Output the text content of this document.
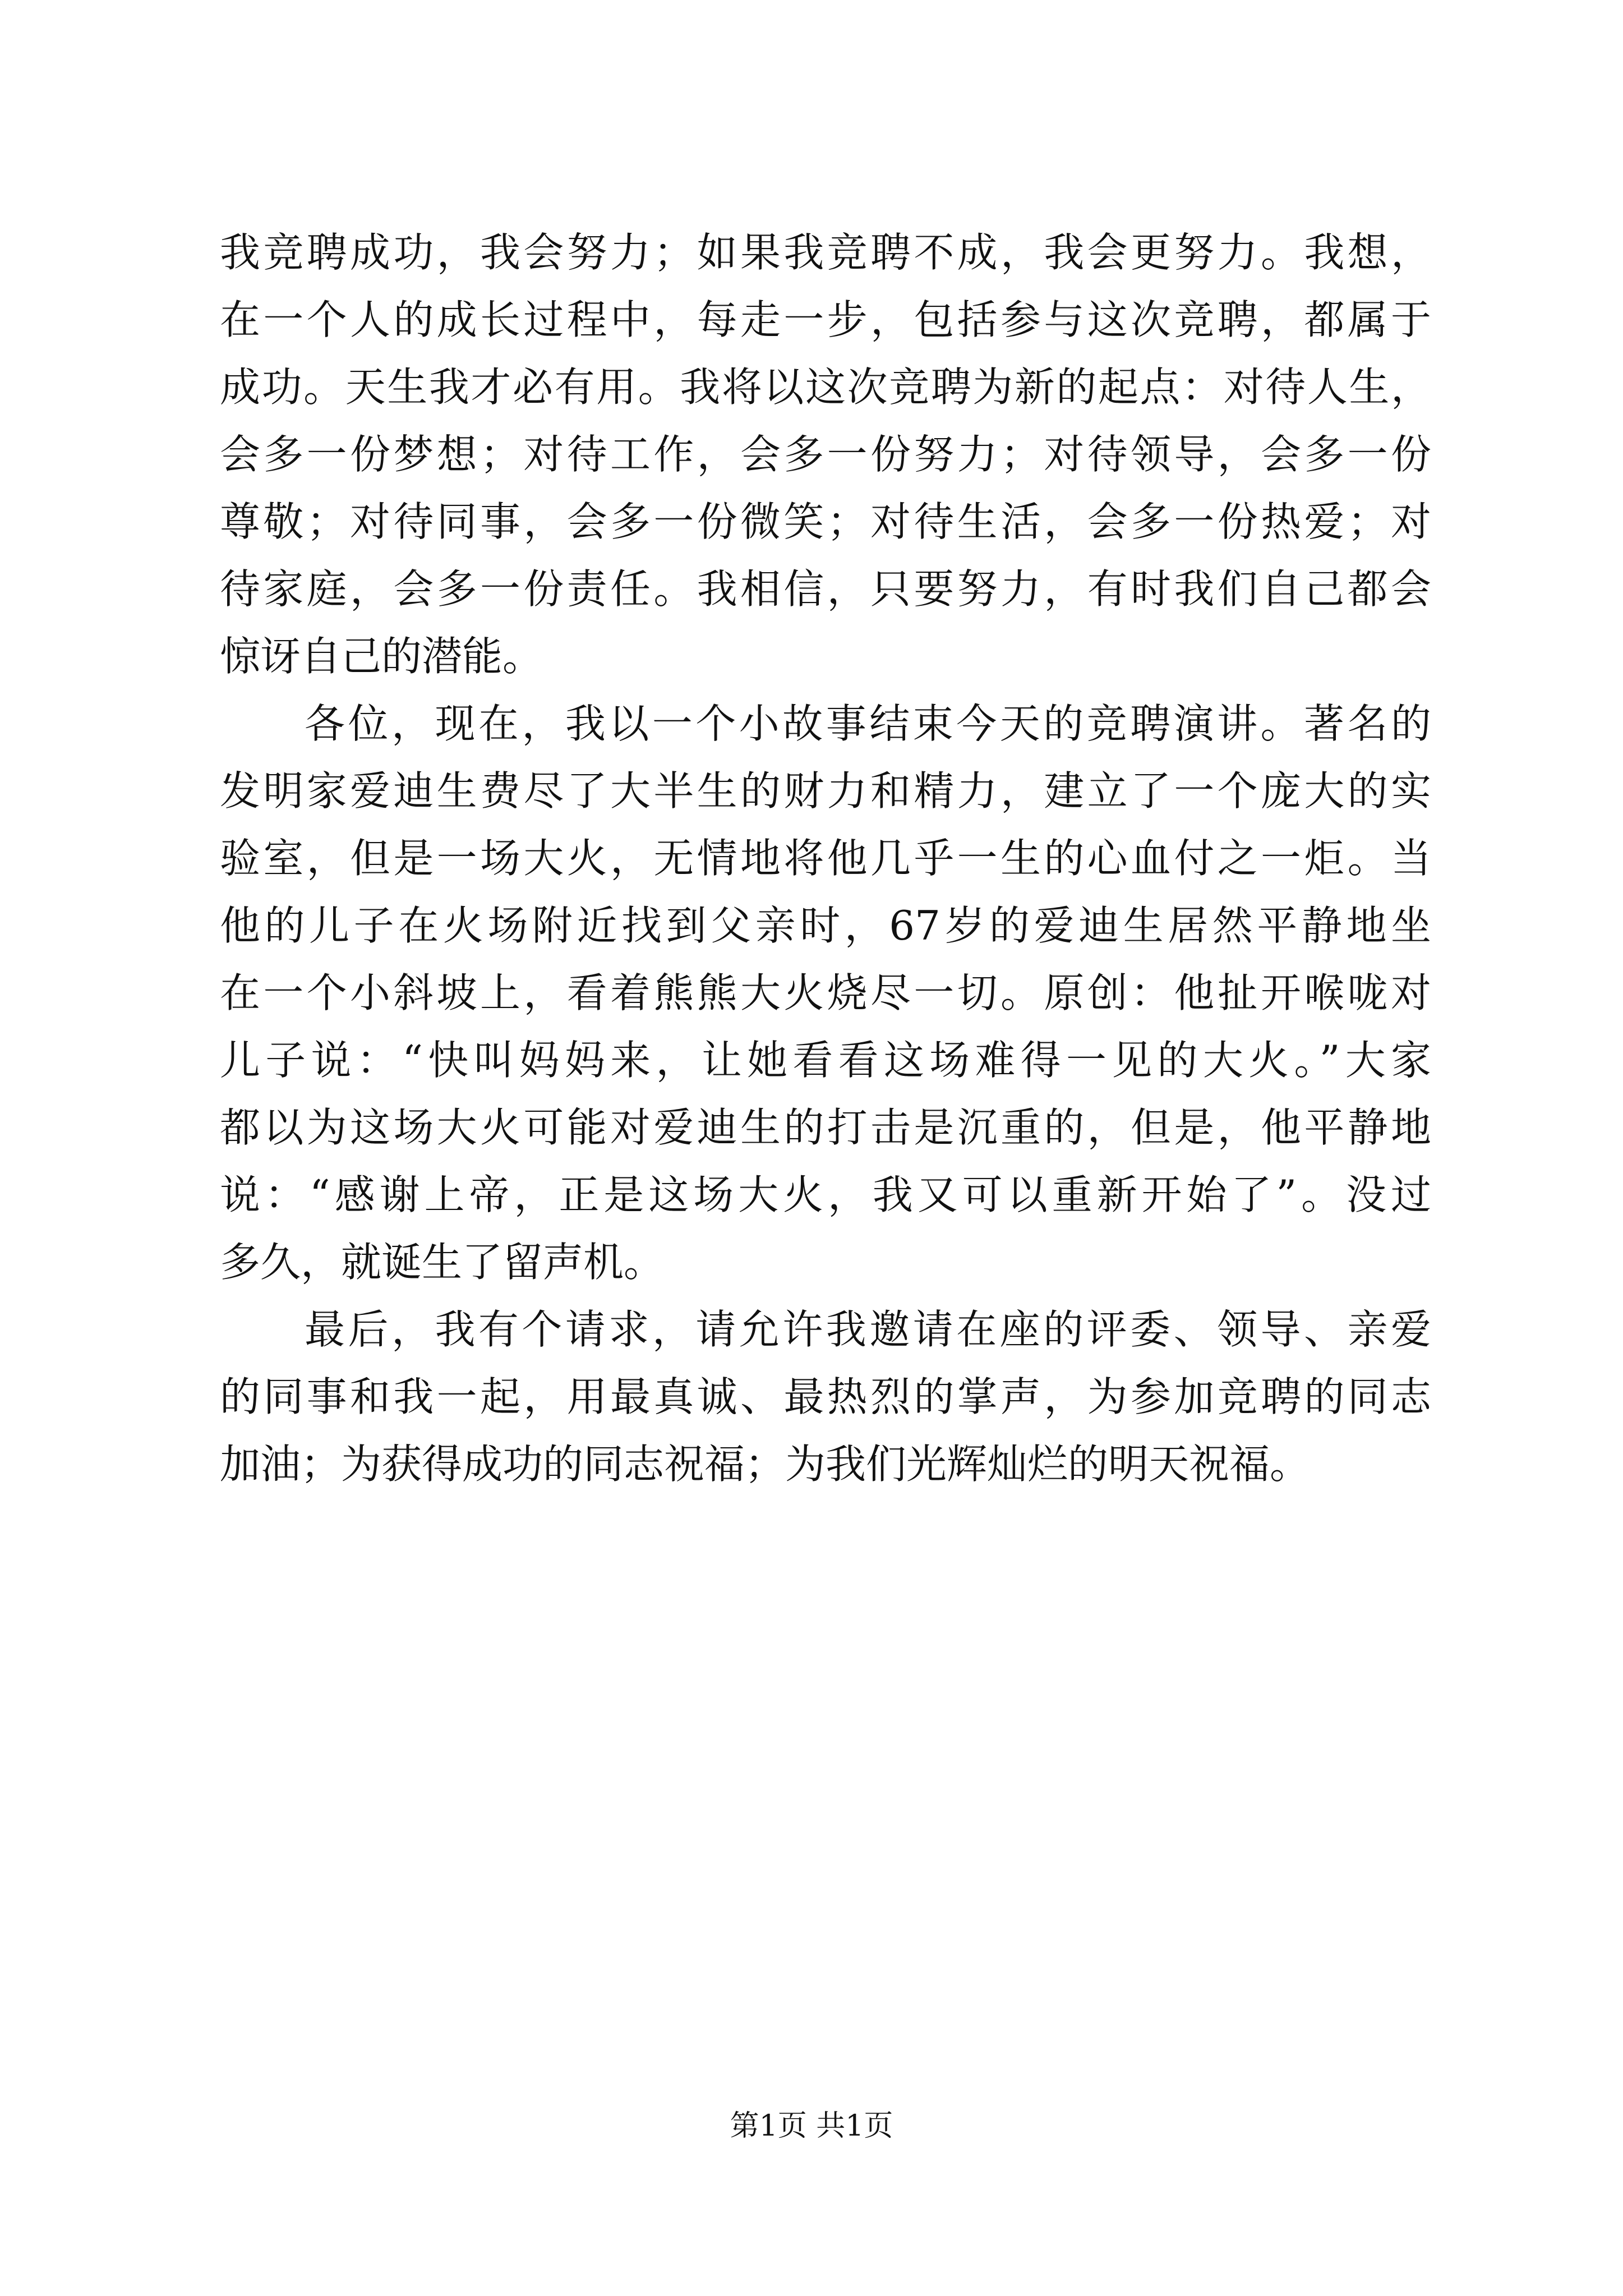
我竞聘成功，我会努力；如果我竞聘不成，我会更努力。我想，
在一个人的成长过程中，每走一步，包括参与这次竞聘，都属于
成功。天生我才必有用。我将以这次竞聘为新的起点：对待人生，
会多一份梦想；对待工作，会多一份努力；对待领导，会多一份
尊敬；对待同事，会多一份微笑；对待生活，会多一份热爱；对
待家庭，会多一份责任。我相信，只要努力，有时我们自己都会
惊讶自己的潜能。
各位，现在，我以一个小故事结束今天的竞聘演讲。著名的
发明家爱迪生费尽了大半生的财力和精力，建立了一个庞大的实
验室，但是一场大火，无情地将他几乎一生的心血付之一炬。当
他的儿子在火场附近找到父亲时，67岁的爱迪生居然平静地坐
在一个小斜坡上，看着熊熊大火烧尽一切。原创：他扯开喉咙对
儿子说：“快叫妈妈来，让她看看这场难得一见的大火。”大家
都以为这场大火可能对爱迪生的打击是沉重的，但是，他平静地
说：“感谢上帝，正是这场大火，我又可以重新开始了”。没过
多久，就诞生了留声机。
最后，我有个请求，请允许我邀请在座的评委、领导、亲爱
的同事和我一起，用最真诚、最热烈的掌声，为参加竞聘的同志
加油；为获得成功的同志祝福；为我们光辉灿烂的明天祝福。
第1页 共1页
